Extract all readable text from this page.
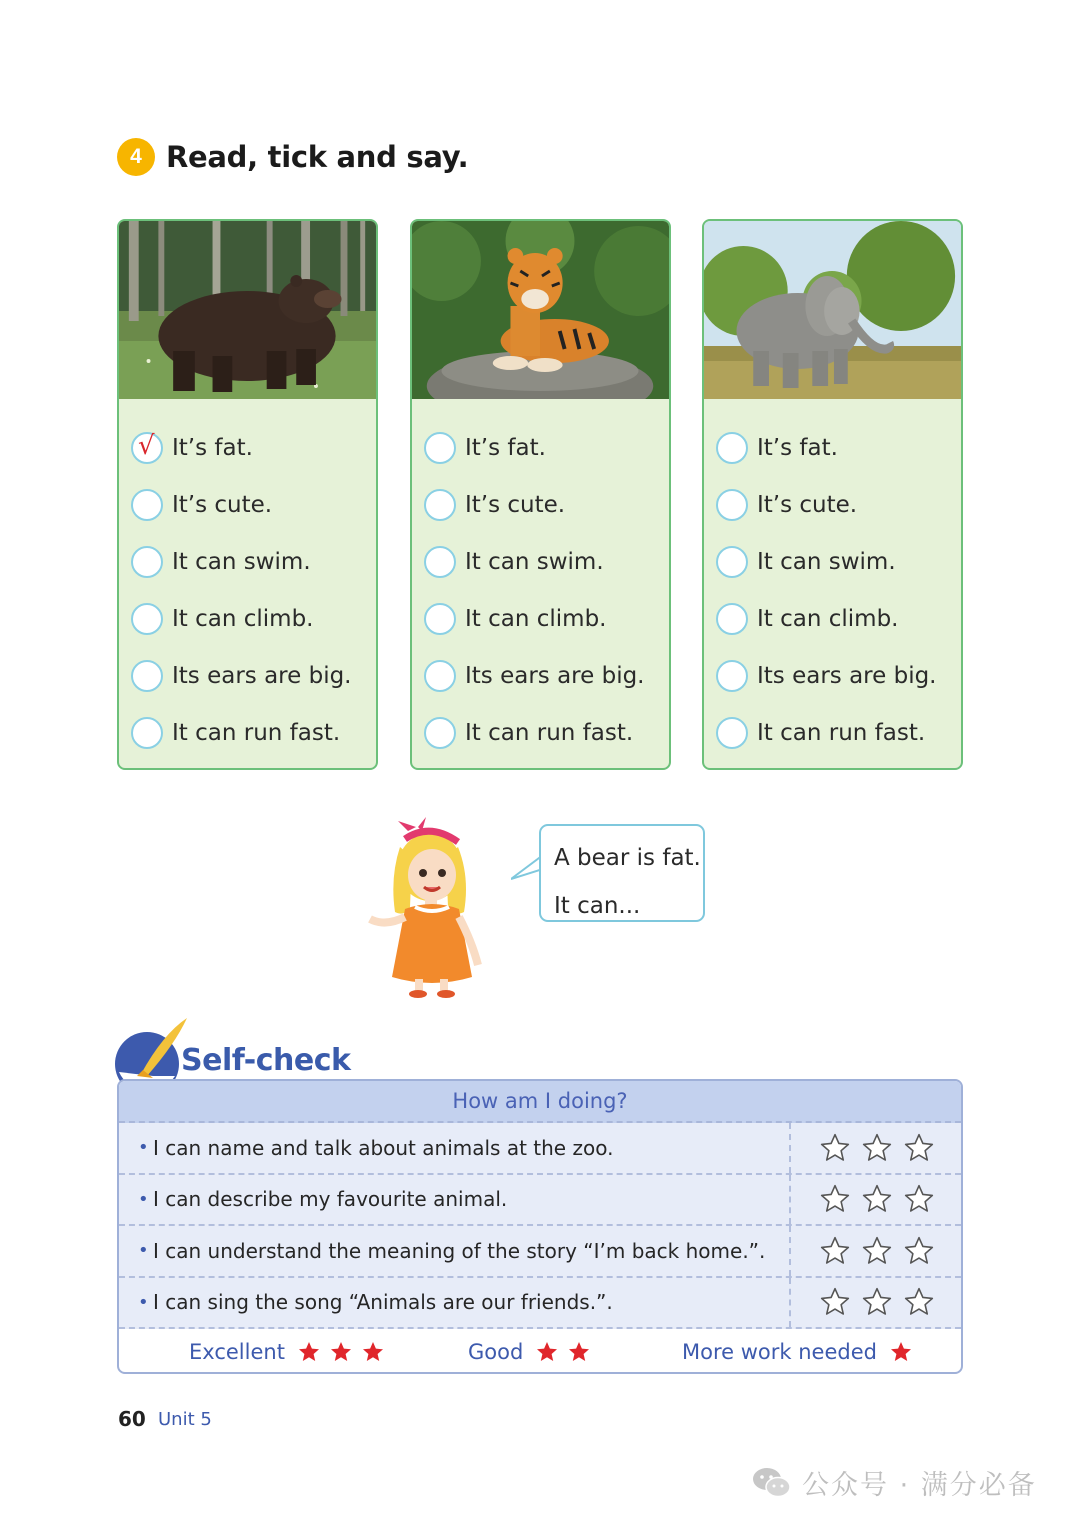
4 Read, tick and say.
√ It’s fat.
It’s cute.
It can swim.
It can climb.
Its ears are big.
It can run fast.
It’s fat.
It’s cute.
It can swim.
It can climb.
Its ears are big.
It can run fast.
It’s fat.
It’s cute.
It can swim.
It can climb.
Its ears are big.
It can run fast.
A bear is fat.
It can...
Self-check
How am I doing?
• I can name and talk about animals at the zoo.
• I can describe my favourite animal.
• I can understand the meaning of the story “I’m back home.”.
• I can sing the song “Animals are our friends.”.
Excellent	Good	More work needed
60 Unit 5
公众号 · 满分必备
